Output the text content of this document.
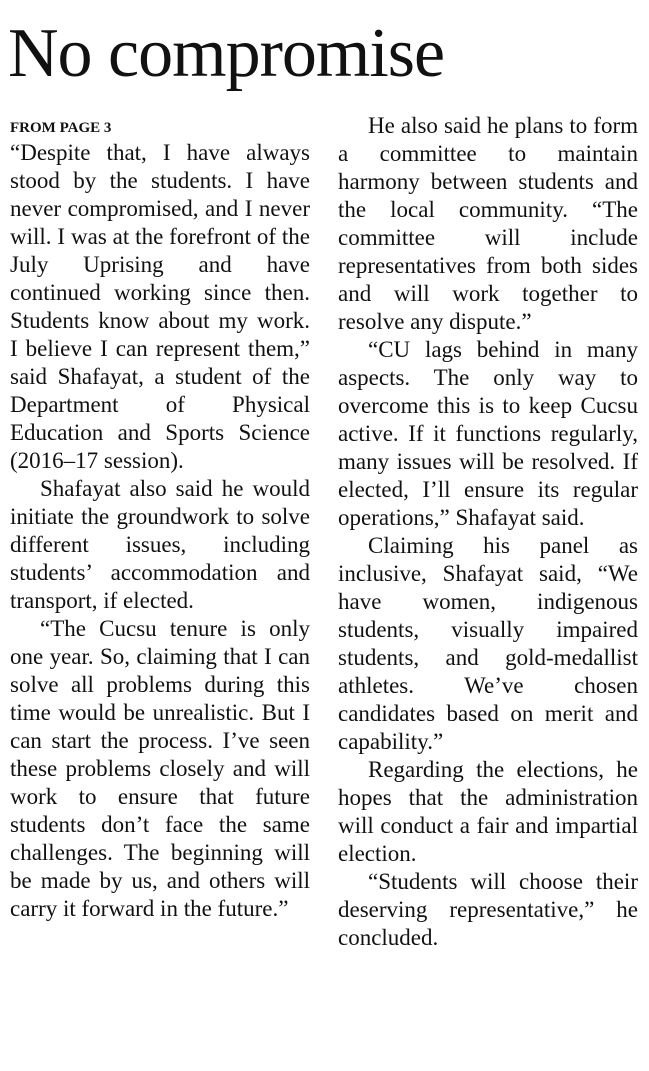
No compromise
FROM PAGE 3

“Despite that, I have always stood by the students. I have never compromised, and I never will. I was at the forefront of the July Uprising and have continued working since then. Students know about my work. I believe I can represent them,” said Shafayat, a student of the Department of Physical Education and Sports Science (2016–17 session).

Shafayat also said he would initiate the groundwork to solve different issues, including students’ accommodation and transport, if elected.

“The Cucsu tenure is only one year. So, claiming that I can solve all problems during this time would be unrealistic. But I can start the process. I’ve seen these problems closely and will work to ensure that future students don’t face the same challenges. The beginning will be made by us, and others will carry it forward in the future.”

He also said he plans to form a committee to maintain harmony between students and the local community. “The committee will include representatives from both sides and will work together to resolve any dispute.”

“CU lags behind in many aspects. The only way to overcome this is to keep Cucsu active. If it functions regularly, many issues will be resolved. If elected, I’ll ensure its regular operations,” Shafayat said.

Claiming his panel as inclusive, Shafayat said, “We have women, indigenous students, visually impaired students, and gold-medallist athletes. We’ve chosen candidates based on merit and capability.”

Regarding the elections, he hopes that the administration will conduct a fair and impartial election.

“Students will choose their deserving representative,” he concluded.
